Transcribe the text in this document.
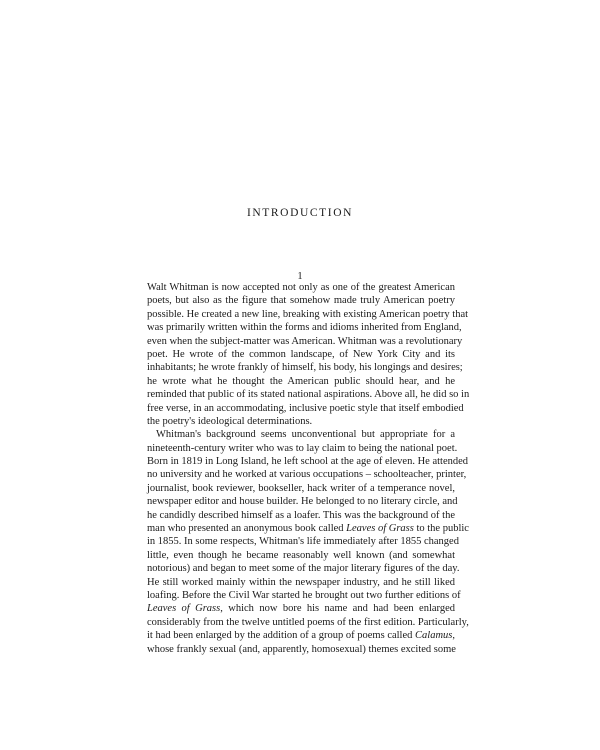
INTRODUCTION
1

Walt Whitman is now accepted not only as one of the greatest American
poets, but also as the figure that somehow made truly American poetry
possible. He created a new line, breaking with existing American poetry that
was primarily written within the forms and idioms inherited from England,
even when the subject-matter was American. Whitman was a revolutionary
poet. He wrote of the common landscape, of New York City and its
inhabitants; he wrote frankly of himself, his body, his longings and desires;
he wrote what he thought the American public should hear, and he
reminded that public of its stated national aspirations. Above all, he did so in
free verse, in an accommodating, inclusive poetic style that itself embodied
the poetry's ideological determinations.

Whitman's background seems unconventional but appropriate for a
nineteenth-century writer who was to lay claim to being the national poet.
Born in 1819 in Long Island, he left school at the age of eleven. He attended
no university and he worked at various occupations – schoolteacher, printer,
journalist, book reviewer, bookseller, hack writer of a temperance novel,
newspaper editor and house builder. He belonged to no literary circle, and
he candidly described himself as a loafer. This was the background of the
man who presented an anonymous book called Leaves of Grass to the public
in 1855. In some respects, Whitman's life immediately after 1855 changed
little, even though he became reasonably well known (and somewhat
notorious) and began to meet some of the major literary figures of the day.
He still worked mainly within the newspaper industry, and he still liked
loafing. Before the Civil War started he brought out two further editions of
Leaves of Grass, which now bore his name and had been enlarged
considerably from the twelve untitled poems of the first edition. Particularly,
it had been enlarged by the addition of a group of poems called Calamus,
whose frankly sexual (and, apparently, homosexual) themes excited some
